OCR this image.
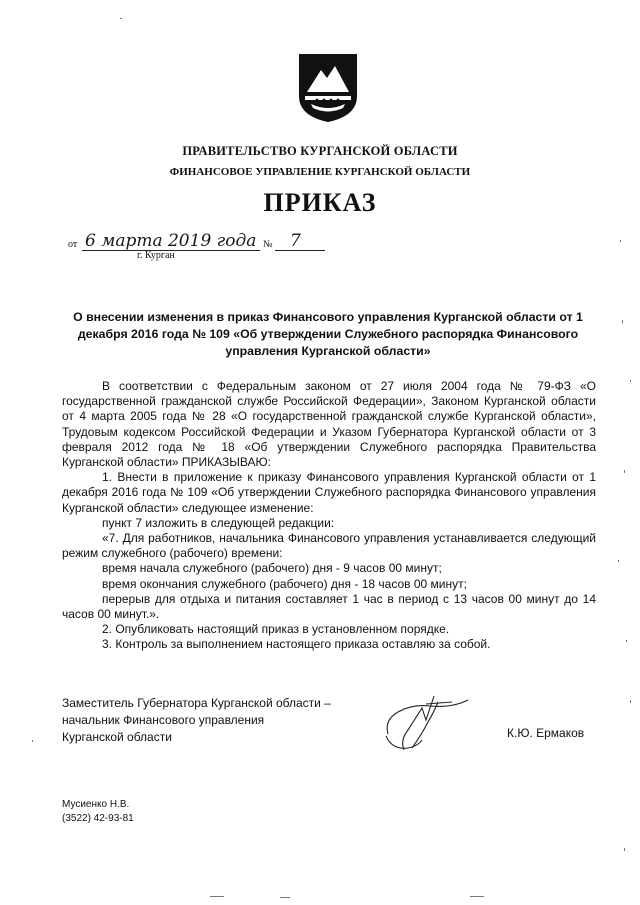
ПРАВИТЕЛЬСТВО КУРГАНСКОЙ ОБЛАСТИ
ФИНАНСОВОЕ УПРАВЛЕНИЕ КУРГАНСКОЙ ОБЛАСТИ
ПРИКАЗ
от 6 марта 2019 года № 7
г. Курган
О внесении изменения в приказ Финансового управления Курганской области от 1 декабря 2016 года № 109 «Об утверждении Служебного распорядка Финансового управления Курганской области»

В соответствии с Федеральным законом от 27 июля 2004 года № 79-ФЗ «О государственной гражданской службе Российской Федерации», Законом Курганской области от 4 марта 2005 года № 28 «О государственной гражданской службе Курганской области», Трудовым кодексом Российской Федерации и Указом Губернатора Курганской области от 3 февраля 2012 года № 18 «Об утверждении Служебного распорядка Правительства Курганской области» ПРИКАЗЫВАЮ:

1. Внести в приложение к приказу Финансового управления Курганской области от 1 декабря 2016 года № 109 «Об утверждении Служебного распорядка Финансового управления Курганской области» следующее изменение:

пункт 7 изложить в следующей редакции:

«7. Для работников, начальника Финансового управления устанавливается следующий режим служебного (рабочего) времени:

время начала служебного (рабочего) дня - 9 часов 00 минут;

время окончания служебного (рабочего) дня - 18 часов 00 минут;

перерыв для отдыха и питания составляет 1 час в период с 13 часов 00 минут до 14 часов 00 минут.».

2. Опубликовать настоящий приказ в установленном порядке.

3. Контроль за выполнением настоящего приказа оставляю за собой.

Заместитель Губернатора Курганской области –
начальник Финансового управления
Курганской области	К.Ю. Ермаков
Мусиенко Н.В.
(3522) 42-93-81
